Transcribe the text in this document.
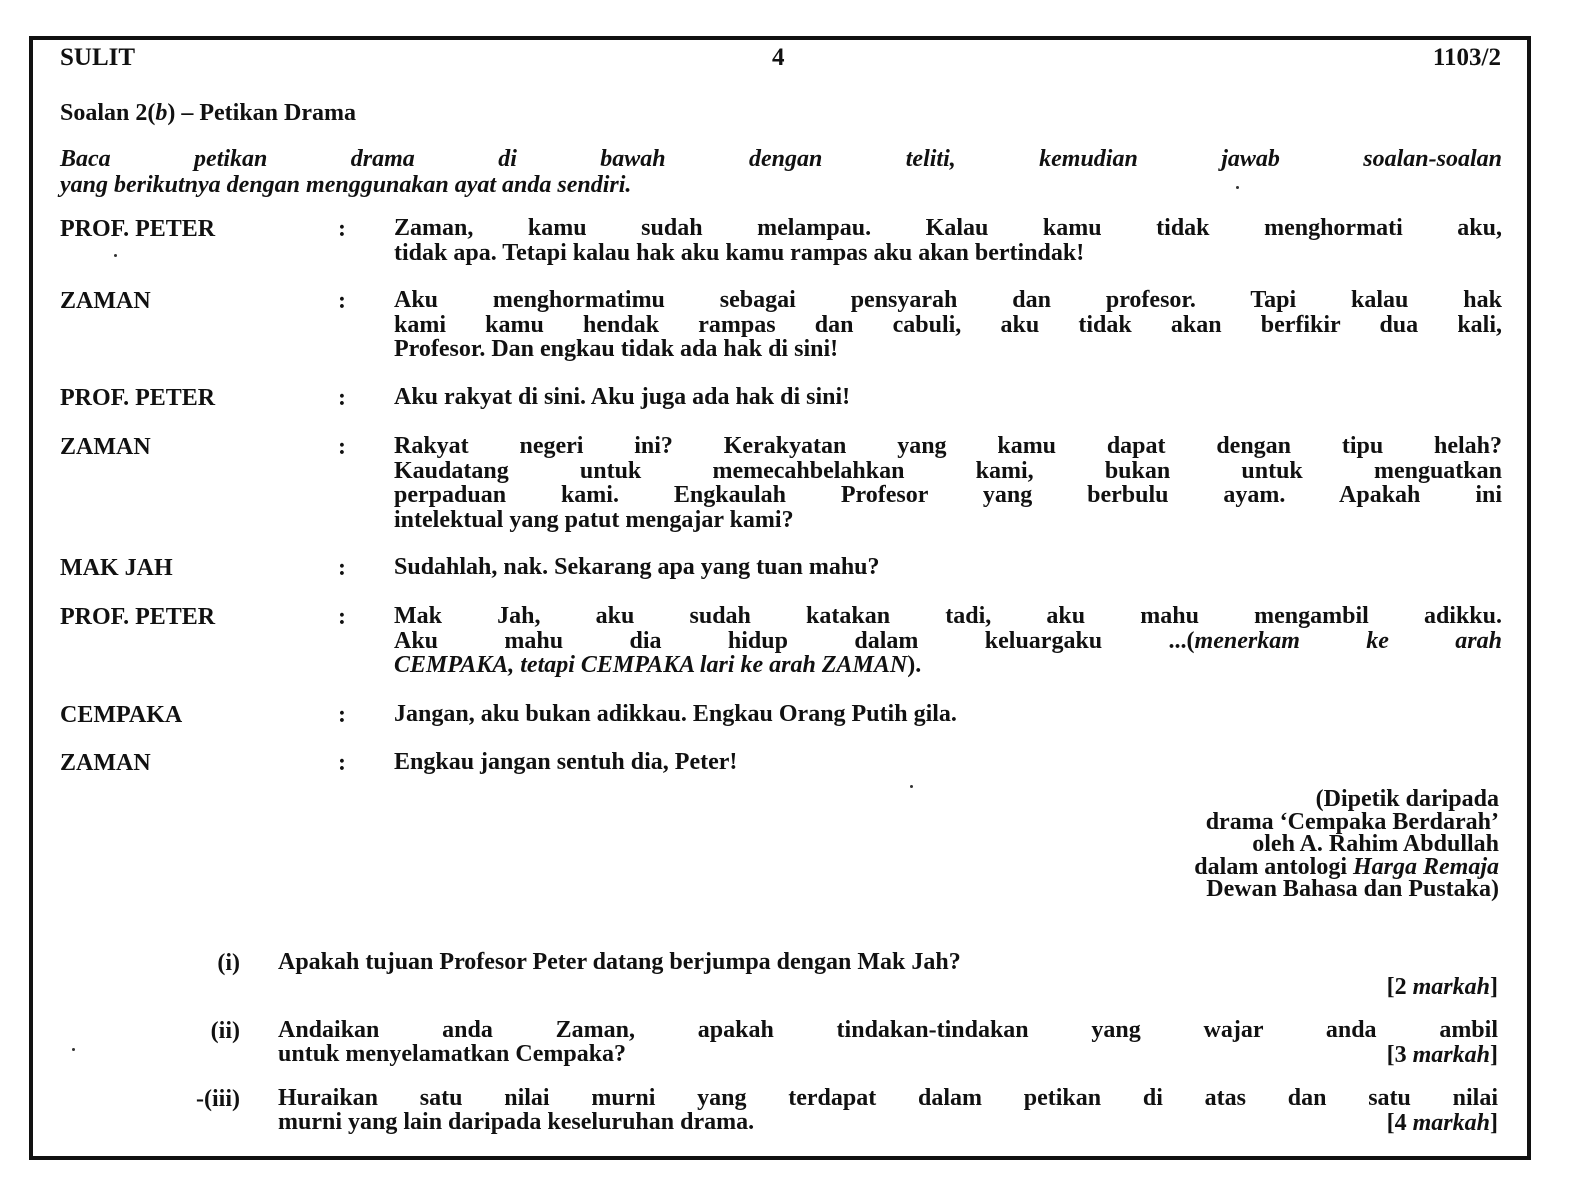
SULIT	4	1103/2
Soalan 2(b) – Petikan Drama
Baca petikan drama di bawah dengan teliti, kemudian jawab soalan-soalan
yang berikutnya dengan menggunakan ayat anda sendiri.
PROF. PETER	: Zaman, kamu sudah melampau. Kalau kamu tidak menghormati aku,
tidak apa. Tetapi kalau hak aku kamu rampas aku akan bertindak!
ZAMAN	: Aku menghormatimu sebagai pensyarah dan profesor. Tapi kalau hak
kami kamu hendak rampas dan cabuli, aku tidak akan berfikir dua kali,
Profesor. Dan engkau tidak ada hak di sini!
PROF. PETER	: Aku rakyat di sini. Aku juga ada hak di sini!
ZAMAN	: Rakyat negeri ini? Kerakyatan yang kamu dapat dengan tipu helah?
Kaudatang untuk memecahbelahkan kami, bukan untuk menguatkan
perpaduan kami. Engkaulah Profesor yang berbulu ayam. Apakah ini
intelektual yang patut mengajar kami?
MAK JAH	: Sudahlah, nak. Sekarang apa yang tuan mahu?
PROF. PETER	: Mak Jah, aku sudah katakan tadi, aku mahu mengambil adikku.
Aku mahu dia hidup dalam keluargaku ...(menerkam ke arah
CEMPAKA, tetapi CEMPAKA lari ke arah ZAMAN).
CEMPAKA	: Jangan, aku bukan adikkau. Engkau Orang Putih gila.
ZAMAN	: Engkau jangan sentuh dia, Peter!
(Dipetik daripada
drama ‘Cempaka Berdarah’
oleh A. Rahim Abdullah
dalam antologi Harga Remaja
Dewan Bahasa dan Pustaka)
(i) Apakah tujuan Profesor Peter datang berjumpa dengan Mak Jah?
[2 markah]
(ii) Andaikan anda Zaman, apakah tindakan-tindakan yang wajar anda ambil
untuk menyelamatkan Cempaka?	[3 markah]
-(iii) Huraikan satu nilai murni yang terdapat dalam petikan di atas dan satu nilai
murni yang lain daripada keseluruhan drama.	[4 markah]
